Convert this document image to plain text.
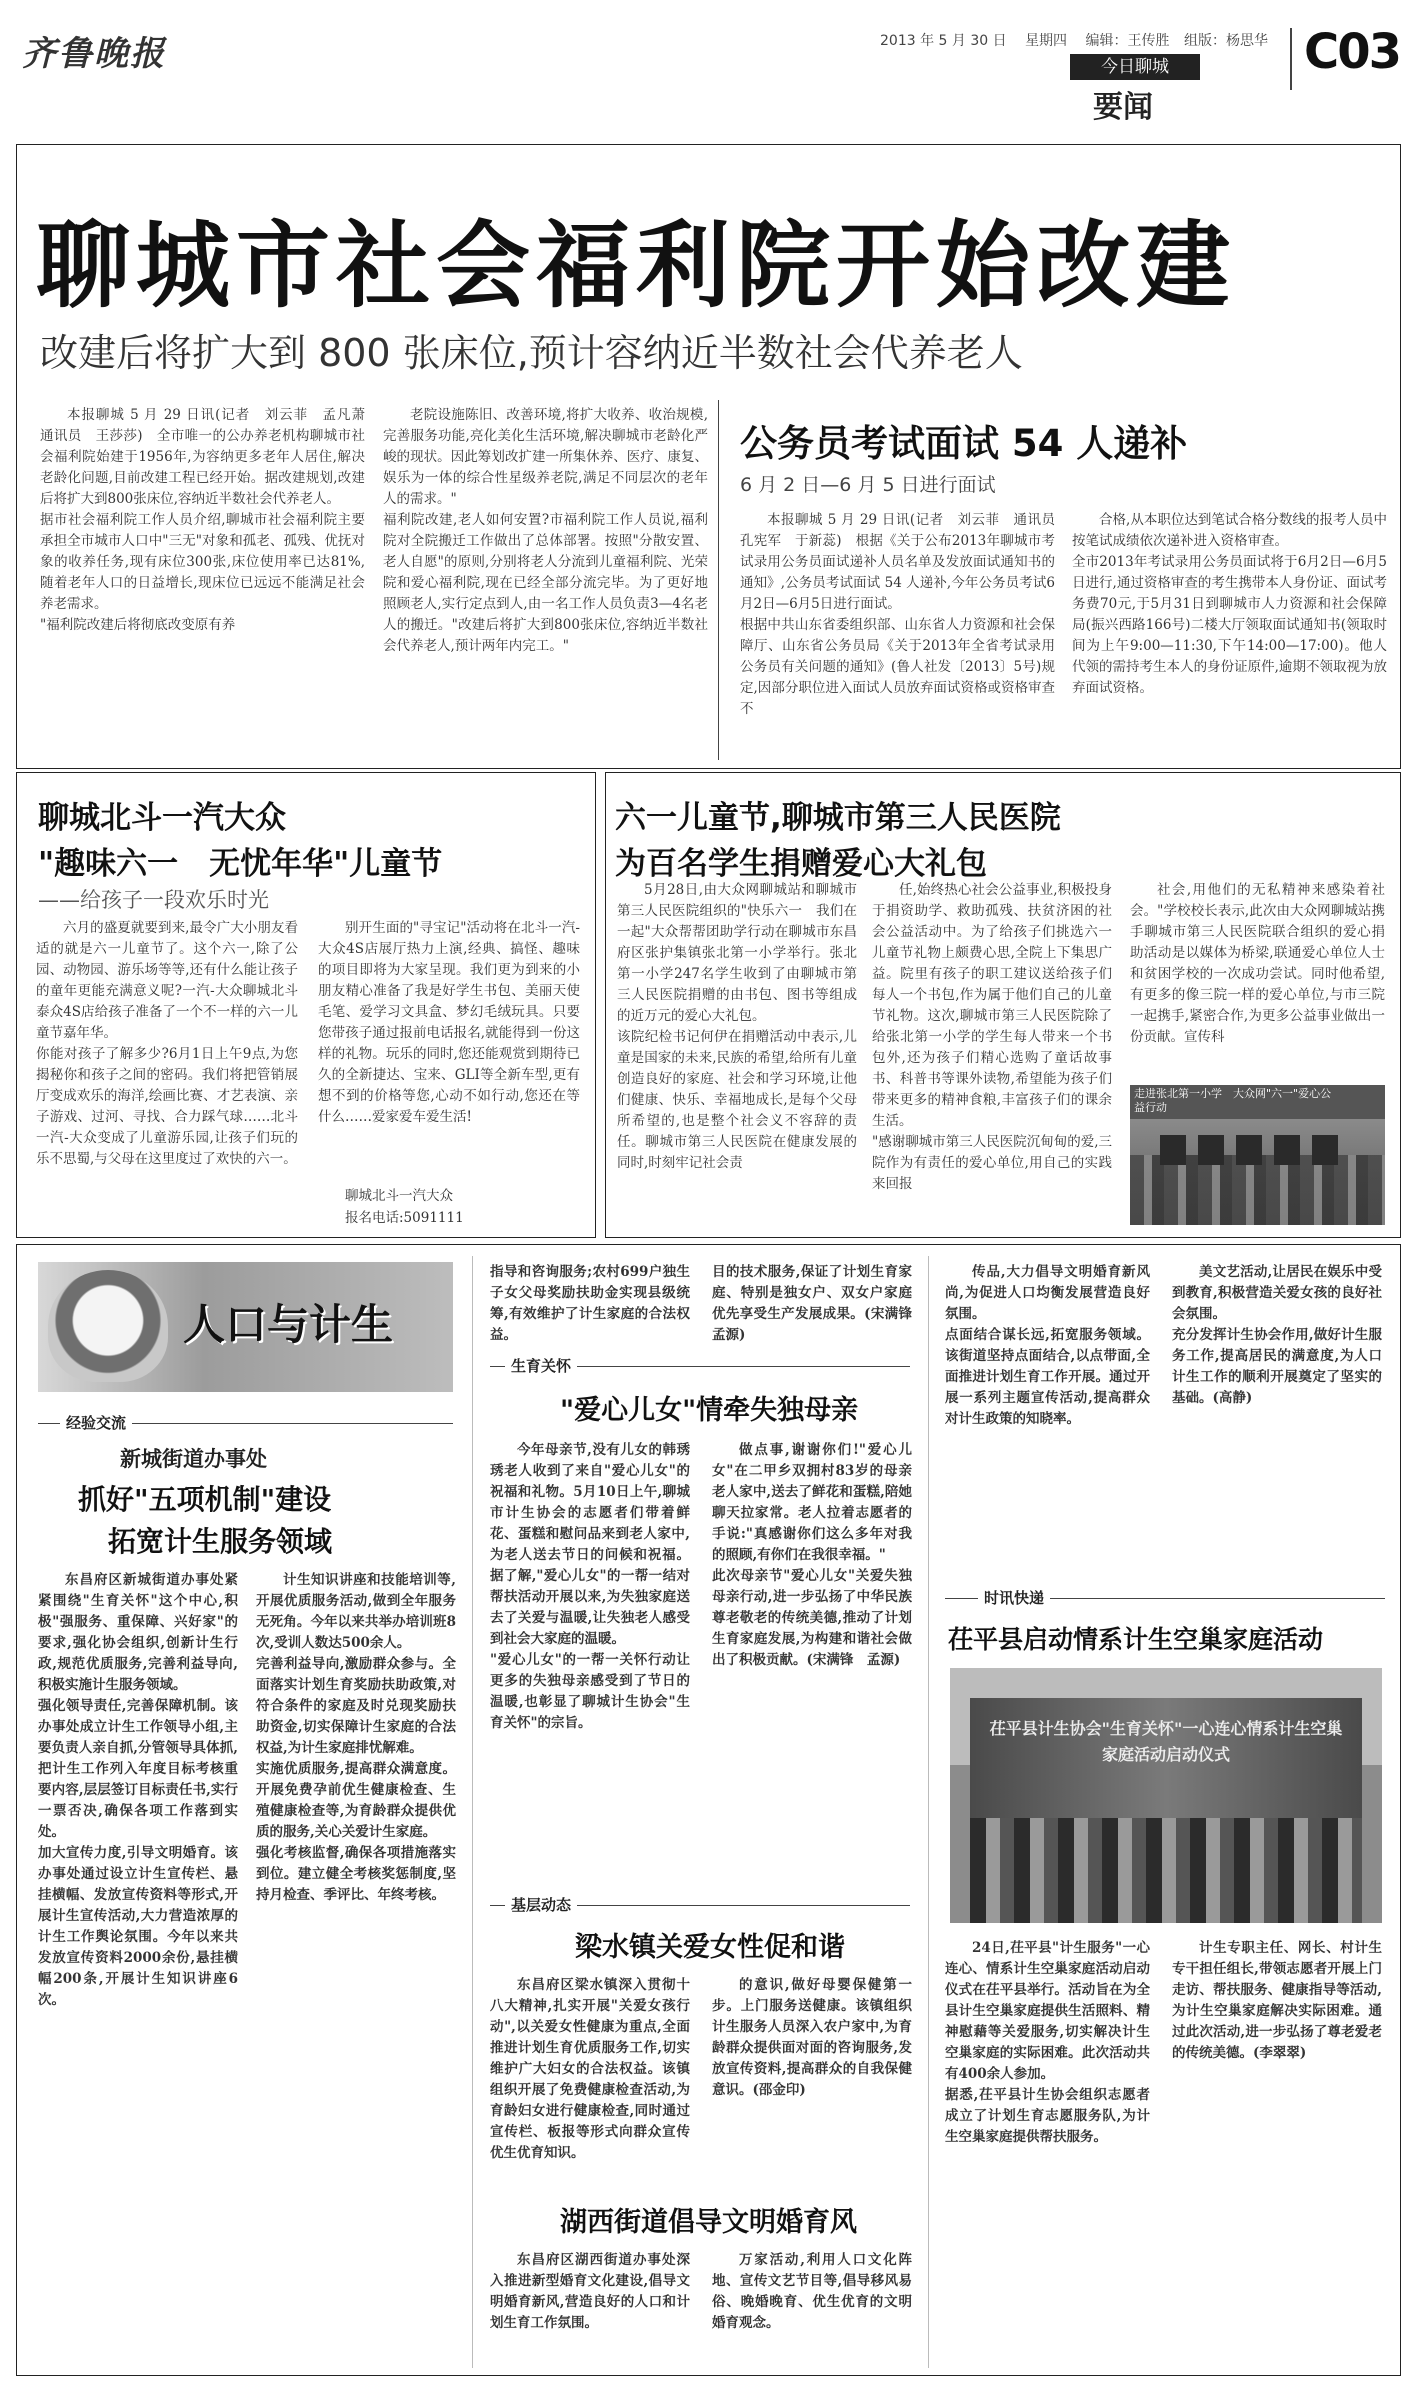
齐鲁晚报	2013 年 5 月 30 日 星期四 编辑：王传胜 组版：杨思华
今日聊城
要闻
C03
聊城市社会福利院开始改建
改建后将扩大到 800 张床位,预计容纳近半数社会代养老人
本报聊城 5 月 29 日讯(记者　刘云菲　孟凡萧　通讯员　王莎莎)　全市唯一的公办养老机构聊城市社会福利院始建于1956年,为容纳更多老年人居住,解决老龄化问题,目前改建工程已经开始。据改建规划,改建后将扩大到800张床位,容纳近半数社会代养老人。
据市社会福利院工作人员介绍,聊城市社会福利院主要承担全市城市人口中"三无"对象和孤老、孤残、优抚对象的收养任务,现有床位300张,床位使用率已达81%,随着老年人口的日益增长,现床位已远远不能满足社会养老需求。
"福利院改建后将彻底改变原有养
老院设施陈旧、改善环境,将扩大收养、收治规模,完善服务功能,亮化美化生活环境,解决聊城市老龄化严峻的现状。因此筹划改扩建一所集休养、医疗、康复、娱乐为一体的综合性星级养老院,满足不同层次的老年人的需求。"
福利院改建,老人如何安置?市福利院工作人员说,福利院对全院搬迁工作做出了总体部署。按照"分散安置、老人自愿"的原则,分别将老人分流到儿童福利院、光荣院和爱心福利院,现在已经全部分流完毕。为了更好地照顾老人,实行定点到人,由一名工作人员负责3—4名老人的搬迁。"改建后将扩大到800张床位,容纳近半数社会代养老人,预计两年内完工。"
公务员考试面试 54 人递补
6 月 2 日—6 月 5 日进行面试
本报聊城 5 月 29 日讯(记者　刘云菲　通讯员　孔宪军　于新蕊)　根据《关于公布2013年聊城市考试录用公务员面试递补人员名单及发放面试通知书的通知》,公务员考试面试 54 人递补,今年公务员考试6月2日—6月5日进行面试。
根据中共山东省委组织部、山东省人力资源和社会保障厅、山东省公务员局《关于2013年全省考试录用公务员有关问题的通知》(鲁人社发〔2013〕5号)规定,因部分职位进入面试人员放弃面试资格或资格审查不
合格,从本职位达到笔试合格分数线的报考人员中按笔试成绩依次递补进入资格审查。
全市2013年考试录用公务员面试将于6月2日—6月5日进行,通过资格审查的考生携带本人身份证、面试考务费70元,于5月31日到聊城市人力资源和社会保障局(振兴西路166号)二楼大厅领取面试通知书(领取时间为上午9:00—11:30,下午14:00—17:00)。他人代领的需持考生本人的身份证原件,逾期不领取视为放弃面试资格。
聊城北斗一汽大众
"趣味六一　无忧年华"儿童节
——给孩子一段欢乐时光
六月的盛夏就要到来,最令广大小朋友看适的就是六一儿童节了。这个六一,除了公园、动物园、游乐场等等,还有什么能让孩子的童年更能充满意义呢?一汽-大众聊城北斗泰众4S店给孩子准备了一个不一样的六一儿童节嘉年华。
你能对孩子了解多少?6月1日上午9点,为您揭秘你和孩子之间的密码。我们将把管销展厅变成欢乐的海洋,绘画比赛、才艺表演、亲子游戏、过河、寻找、合力踩气球……北斗一汽-大众变成了儿童游乐园,让孩子们玩的乐不思蜀,与父母在这里度过了欢快的六一。
别开生面的"寻宝记"活动将在北斗一汽-大众4S店展厅热力上演,经典、搞怪、趣味的项目即将为大家呈现。我们更为到来的小朋友精心准备了我是好学生书包、美丽天使毛笔、爱学习文具盒、梦幻毛绒玩具。只要您带孩子通过报前电话报名,就能得到一份这样的礼物。玩乐的同时,您还能观赏到期待已久的全新捷达、宝来、GLI等全新车型,更有想不到的价格等您,心动不如行动,您还在等什么……爱家爱车爱生活!
聊城北斗一汽大众
报名电话:5091111
六一儿童节,聊城市第三人民医院
为百名学生捐赠爱心大礼包
5月28日,由大众网聊城站和聊城市第三人民医院组织的"快乐六一　我们在一起"大众帮帮团助学行动在聊城市东昌府区张护集镇张北第一小学举行。张北第一小学247名学生收到了由聊城市第三人民医院捐赠的由书包、图书等组成的近万元的爱心大礼包。
该院纪检书记何伊在捐赠活动中表示,儿童是国家的未来,民族的希望,给所有儿童创造良好的家庭、社会和学习环境,让他们健康、快乐、幸福地成长,是每个父母所希望的,也是整个社会义不容辞的责任。聊城市第三人民医院在健康发展的同时,时刻牢记社会责
任,始终热心社会公益事业,积极投身于捐资助学、救助孤残、扶贫济困的社会公益活动中。为了给孩子们挑选六一儿童节礼物上颇费心思,全院上下集思广益。院里有孩子的职工建议送给孩子们每人一个书包,作为属于他们自己的儿童节礼物。这次,聊城市第三人民医院除了给张北第一小学的学生每人带来一个书包外,还为孩子们精心选购了童话故事书、科普书等课外读物,希望能为孩子们带来更多的精神食粮,丰富孩子们的课余生活。
"感谢聊城市第三人民医院沉甸甸的爱,三院作为有责任的爱心单位,用自己的实践来回报
社会,用他们的无私精神来感染着社会。"学校校长表示,此次由大众网聊城站携手聊城市第三人民医院联合组织的爱心捐助活动是以媒体为桥梁,联通爱心单位人士和贫困学校的一次成功尝试。同时他希望,有更多的像三院一样的爱心单位,与市三院一起携手,紧密合作,为更多公益事业做出一份贡献。宣传科
走进张北第一小学　大众网"六一"爱心公益行动
人口与计生
经验交流
新城街道办事处
抓好"五项机制"建设
拓宽计生服务领域
东昌府区新城街道办事处紧紧围绕"生育关怀"这个中心,积极"强服务、重保障、兴好家"的要求,强化协会组织,创新计生行政,规范优质服务,完善利益导向,积极实施计生服务领域。
强化领导责任,完善保障机制。该办事处成立计生工作领导小组,主要负责人亲自抓,分管领导具体抓,把计生工作列入年度目标考核重要内容,层层签订目标责任书,实行一票否决,确保各项工作落到实处。
加大宣传力度,引导文明婚育。该办事处通过设立计生宣传栏、悬挂横幅、发放宣传资料等形式,开展计生宣传活动,大力营造浓厚的计生工作舆论氛围。今年以来共发放宣传资料2000余份,悬挂横幅200条,开展计生知识讲座6次。
计生知识讲座和技能培训等,开展优质服务活动,做到全年服务无死角。今年以来共举办培训班8次,受训人数达500余人。
完善利益导向,激励群众参与。全面落实计划生育奖励扶助政策,对符合条件的家庭及时兑现奖励扶助资金,切实保障计生家庭的合法权益,为计生家庭排忧解难。
实施优质服务,提高群众满意度。开展免费孕前优生健康检查、生殖健康检查等,为育龄群众提供优质的服务,关心关爱计生家庭。
强化考核监督,确保各项措施落实到位。建立健全考核奖惩制度,坚持月检查、季评比、年终考核。
指导和咨询服务;农村699户独生子女父母奖励扶助金实现县级统筹,有效维护了计生家庭的合法权益。
目的技术服务,保证了计划生育家庭、特别是独女户、双女户家庭优先享受生产发展成果。(宋满锋　孟源)
生育关怀
"爱心儿女"情牵失独母亲
今年母亲节,没有儿女的韩琇琇老人收到了来自"爱心儿女"的祝福和礼物。5月10日上午,聊城市计生协会的志愿者们带着鲜花、蛋糕和慰问品来到老人家中,为老人送去节日的问候和祝福。据了解,"爱心儿女"的一帮一结对帮扶活动开展以来,为失独家庭送去了关爱与温暖,让失独老人感受到社会大家庭的温暖。
"爱心儿女"的一帮一关怀行动让更多的失独母亲感受到了节日的温暖,也彰显了聊城计生协会"生育关怀"的宗旨。
做点事,谢谢你们!"爱心儿女"在二甲乡双拥村83岁的母亲老人家中,送去了鲜花和蛋糕,陪她聊天拉家常。老人拉着志愿者的手说:"真感谢你们这么多年对我的照顾,有你们在我很幸福。"
此次母亲节"爱心儿女"关爱失独母亲行动,进一步弘扬了中华民族尊老敬老的传统美德,推动了计划生育家庭发展,为构建和谐社会做出了积极贡献。(宋满锋　孟源)
基层动态
梁水镇关爱女性促和谐
东昌府区梁水镇深入贯彻十八大精神,扎实开展"关爱女孩行动",以关爱女性健康为重点,全面推进计划生育优质服务工作,切实维护广大妇女的合法权益。该镇组织开展了免费健康检查活动,为育龄妇女进行健康检查,同时通过宣传栏、板报等形式向群众宣传优生优育知识。
的意识,做好母婴保健第一步。上门服务送健康。该镇组织计生服务人员深入农户家中,为育龄群众提供面对面的咨询服务,发放宣传资料,提高群众的自我保健意识。(邵金印)
湖西街道倡导文明婚育风
东昌府区湖西街道办事处深入推进新型婚育文化建设,倡导文明婚育新风,营造良好的人口和计划生育工作氛围。
万家活动,利用人口文化阵地、宣传文艺节目等,倡导移风易俗、晚婚晚育、优生优育的文明婚育观念。
传品,大力倡导文明婚育新风尚,为促进人口均衡发展营造良好氛围。
点面结合谋长远,拓宽服务领域。该街道坚持点面结合,以点带面,全面推进计划生育工作开展。通过开展一系列主题宣传活动,提高群众对计生政策的知晓率。
美文艺活动,让居民在娱乐中受到教育,积极营造关爱女孩的良好社会氛围。
充分发挥计生协会作用,做好计生服务工作,提高居民的满意度,为人口计生工作的顺利开展奠定了坚实的基础。(高静)
时讯快递
茌平县启动情系计生空巢家庭活动
茌平县计生协会"生育关怀"一心连心情系计生空巢家庭活动启动仪式
24日,茌平县"计生服务"一心连心、情系计生空巢家庭活动启动仪式在茌平县举行。活动旨在为全县计生空巢家庭提供生活照料、精神慰藉等关爱服务,切实解决计生空巢家庭的实际困难。此次活动共有400余人参加。
据悉,茌平县计生协会组织志愿者成立了计划生育志愿服务队,为计生空巢家庭提供帮扶服务。
计生专职主任、网长、村计生专干担任组长,带领志愿者开展上门走访、帮扶服务、健康指导等活动,为计生空巢家庭解决实际困难。通过此次活动,进一步弘扬了尊老爱老的传统美德。(李翠翠)
